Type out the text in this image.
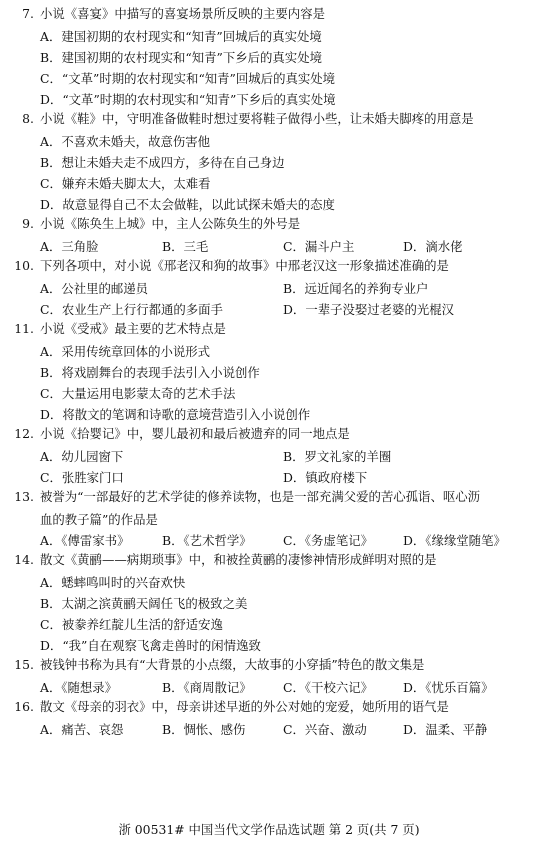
7. 小说《喜宴》中描写的喜宴场景所反映的主要内容是
A．建国初期的农村现实和“知青”回城后的真实处境
B．建国初期的农村现实和“知青”下乡后的真实处境
C．“文革”时期的农村现实和“知青”回城后的真实处境
D．“文革”时期的农村现实和“知青”下乡后的真实处境
8. 小说《鞋》中，守明准备做鞋时想过要将鞋子做得小些，让未婚夫脚疼的用意是
A．不喜欢未婚夫，故意伤害他
B．想让未婚夫走不成四方，多待在自己身边
C．嫌弃未婚夫脚太大，太难看
D．故意显得自己不太会做鞋，以此试探未婚夫的态度
9. 小说《陈奂生上城》中，主人公陈奂生的外号是
A．三角脸	B．三毛	C．漏斗户主	D．滴水佬
10. 下列各项中，对小说《邢老汉和狗的故事》中邢老汉这一形象描述准确的是
A．公社里的邮递员	B．远近闻名的养狗专业户
C．农业生产上行行都通的多面手	D．一辈子没娶过老婆的光棍汉
11. 小说《受戒》最主要的艺术特点是
A．采用传统章回体的小说形式
B．将戏剧舞台的表现手法引入小说创作
C．大量运用电影蒙太奇的艺术手法
D．将散文的笔调和诗歌的意境营造引入小说创作
12. 小说《拾婴记》中，婴儿最初和最后被遗弃的同一地点是
A．幼儿园窗下	B．罗文礼家的羊圈
C．张胜家门口	D．镇政府楼下
13. 被誉为“一部最好的艺术学徒的修养读物，也是一部充满父爱的苦心孤诣、呕心沥
血的教子篇”的作品是
A．《傅雷家书》	B．《艺术哲学》	C．《务虚笔记》 D．《缘缘堂随笔》
14. 散文《黄鹂——病期琐事》中，和被拴黄鹂的凄惨神情形成鲜明对照的是
A．蟋蟀鸣叫时的兴奋欢快
B．太湖之滨黄鹂天阔任飞的极致之美
C．被豢养红靛儿生活的舒适安逸
D．“我”自在观察飞禽走兽时的闲情逸致
15. 被钱钟书称为具有“大背景的小点缀，大故事的小穿插”特色的散文集是
A．《随想录》	B．《商周散记》	C．《干校六记》 D．《忧乐百篇》
16. 散文《母亲的羽衣》中，母亲讲述早逝的外公对她的宠爱，她所用的语气是
A．痛苦、哀怨	B．惆怅、感伤	C．兴奋、激动	D．温柔、平静
浙 00531# 中国当代文学作品选试题 第 2 页(共 7 页)
